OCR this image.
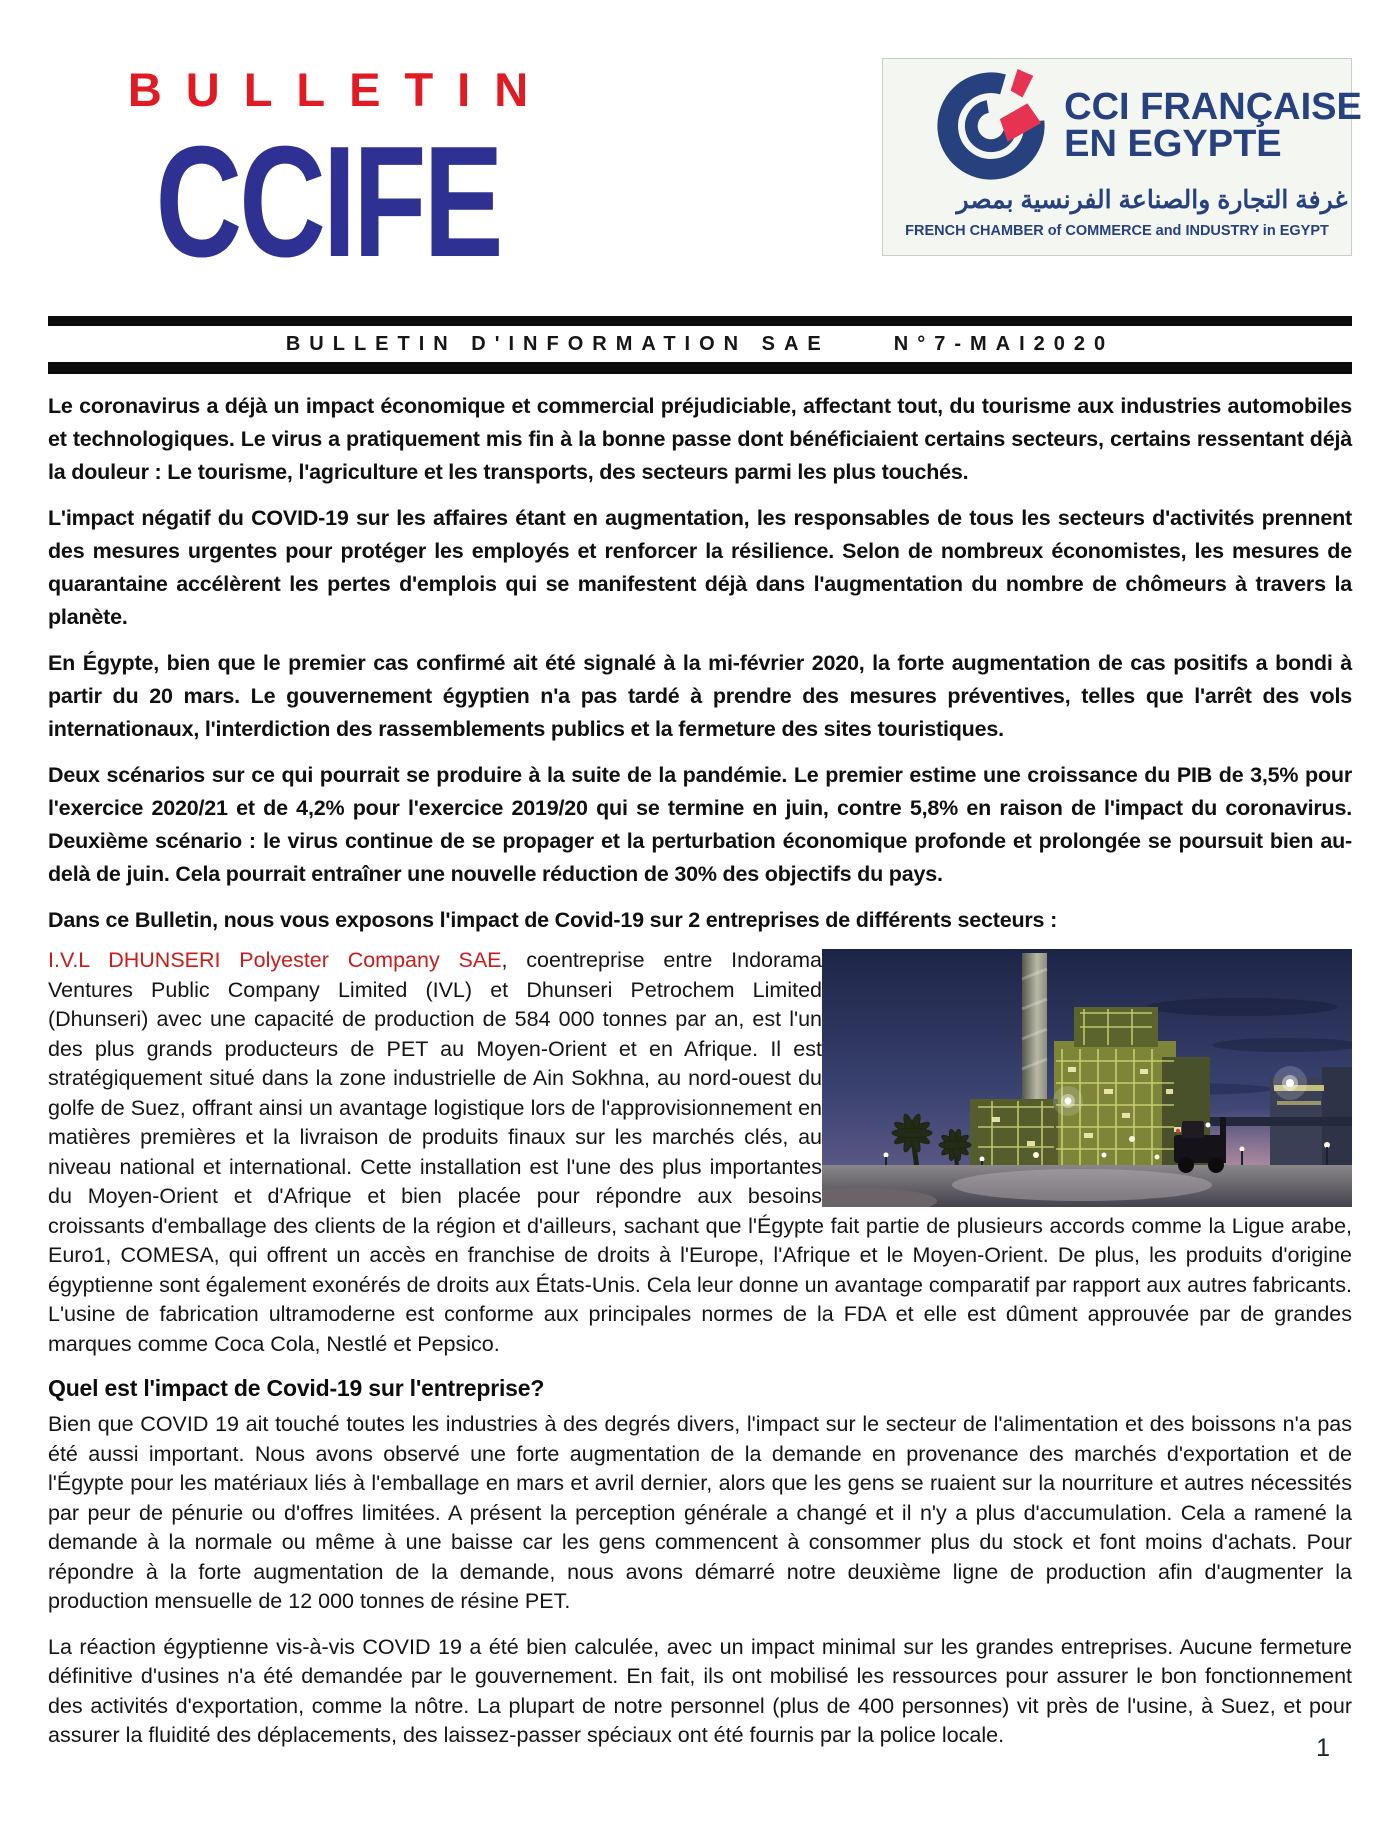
BULLETIN
CCIFE
CCI FRANÇAISE
EN EGYPTE
غرفة التجارة والصناعة الفرنسية بمصر
FRENCH CHAMBER of COMMERCE and INDUSTRY in EGYPT
BULLETIN D'INFORMATION SAE	N°7-MAI2020

Le coronavirus a déjà un impact économique et commercial préjudiciable, affectant tout, du tourisme aux industries automobiles et technologiques. Le virus a pratiquement mis fin à la bonne passe dont bénéficiaient certains secteurs, certains ressentant déjà la douleur : Le tourisme, l'agriculture et les transports, des secteurs parmi les plus touchés.

L'impact négatif du COVID-19 sur les affaires étant en augmentation, les responsables de tous les secteurs d'activités prennent des mesures urgentes pour protéger les employés et renforcer la résilience. Selon de nombreux économistes, les mesures de quarantaine accélèrent les pertes d'emplois qui se manifestent déjà dans l'augmentation du nombre de chômeurs à travers la planète.

En Égypte, bien que le premier cas confirmé ait été signalé à la mi-février 2020, la forte augmentation de cas positifs a bondi à partir du 20 mars. Le gouvernement égyptien n'a pas tardé à prendre des mesures préventives, telles que l'arrêt des vols internationaux, l'interdiction des rassemblements publics et la fermeture des sites touristiques.

Deux scénarios sur ce qui pourrait se produire à la suite de la pandémie. Le premier estime une croissance du PIB de 3,5% pour l'exercice 2020/21 et de 4,2% pour l'exercice 2019/20 qui se termine en juin, contre 5,8% en raison de l'impact du coronavirus. Deuxième scénario : le virus continue de se propager et la perturbation économique profonde et prolongée se poursuit bien au-delà de juin. Cela pourrait entraîner une nouvelle réduction de 30% des objectifs du pays.

Dans ce Bulletin, nous vous exposons l'impact de Covid-19 sur 2 entreprises de différents secteurs :

I.V.L DHUNSERI Polyester Company SAE, coentreprise entre Indorama Ventures Public Company Limited (IVL) et Dhunseri Petrochem Limited (Dhunseri) avec une capacité de production de 584 000 tonnes par an, est l'un des plus grands producteurs de PET au Moyen-Orient et en Afrique. Il est stratégiquement situé dans la zone industrielle de Ain Sokhna, au nord-ouest du golfe de Suez, offrant ainsi un avantage logistique lors de l'approvisionnement en matières premières et la livraison de produits finaux sur les marchés clés, au niveau national et international. Cette installation est l'une des plus importantes du Moyen-Orient et d'Afrique et bien placée pour répondre aux besoins croissants d'emballage des clients de la région et d'ailleurs, sachant que l'Égypte fait partie de plusieurs accords comme la Ligue arabe, Euro1, COMESA, qui offrent un accès en franchise de droits à l'Europe, l'Afrique et le Moyen-Orient. De plus, les produits d'origine égyptienne sont également exonérés de droits aux États-Unis. Cela leur donne un avantage comparatif par rapport aux autres fabricants. L'usine de fabrication ultramoderne est conforme aux principales normes de la FDA et elle est dûment approuvée par de grandes marques comme Coca Cola, Nestlé et Pepsico.

Quel est l'impact de Covid-19 sur l'entreprise?

Bien que COVID 19 ait touché toutes les industries à des degrés divers, l'impact sur le secteur de l'alimentation et des boissons n'a pas été aussi important. Nous avons observé une forte augmentation de la demande en provenance des marchés d'exportation et de l'Égypte pour les matériaux liés à l'emballage en mars et avril dernier, alors que les gens se ruaient sur la nourriture et autres nécessités par peur de pénurie ou d'offres limitées. A présent la perception générale a changé et il n'y a plus d'accumulation. Cela a ramené la demande à la normale ou même à une baisse car les gens commencent à consommer plus du stock et font moins d'achats. Pour répondre à la forte augmentation de la demande, nous avons démarré notre deuxième ligne de production afin d'augmenter la production mensuelle de 12 000 tonnes de résine PET.

La réaction égyptienne vis-à-vis COVID 19 a été bien calculée, avec un impact minimal sur les grandes entreprises. Aucune fermeture définitive d'usines n'a été demandée par le gouvernement. En fait, ils ont mobilisé les ressources pour assurer le bon fonctionnement des activités d'exportation, comme la nôtre. La plupart de notre personnel (plus de 400 personnes) vit près de l'usine, à Suez, et pour assurer la fluidité des déplacements, des laissez-passer spéciaux ont été fournis par la police locale.	1
